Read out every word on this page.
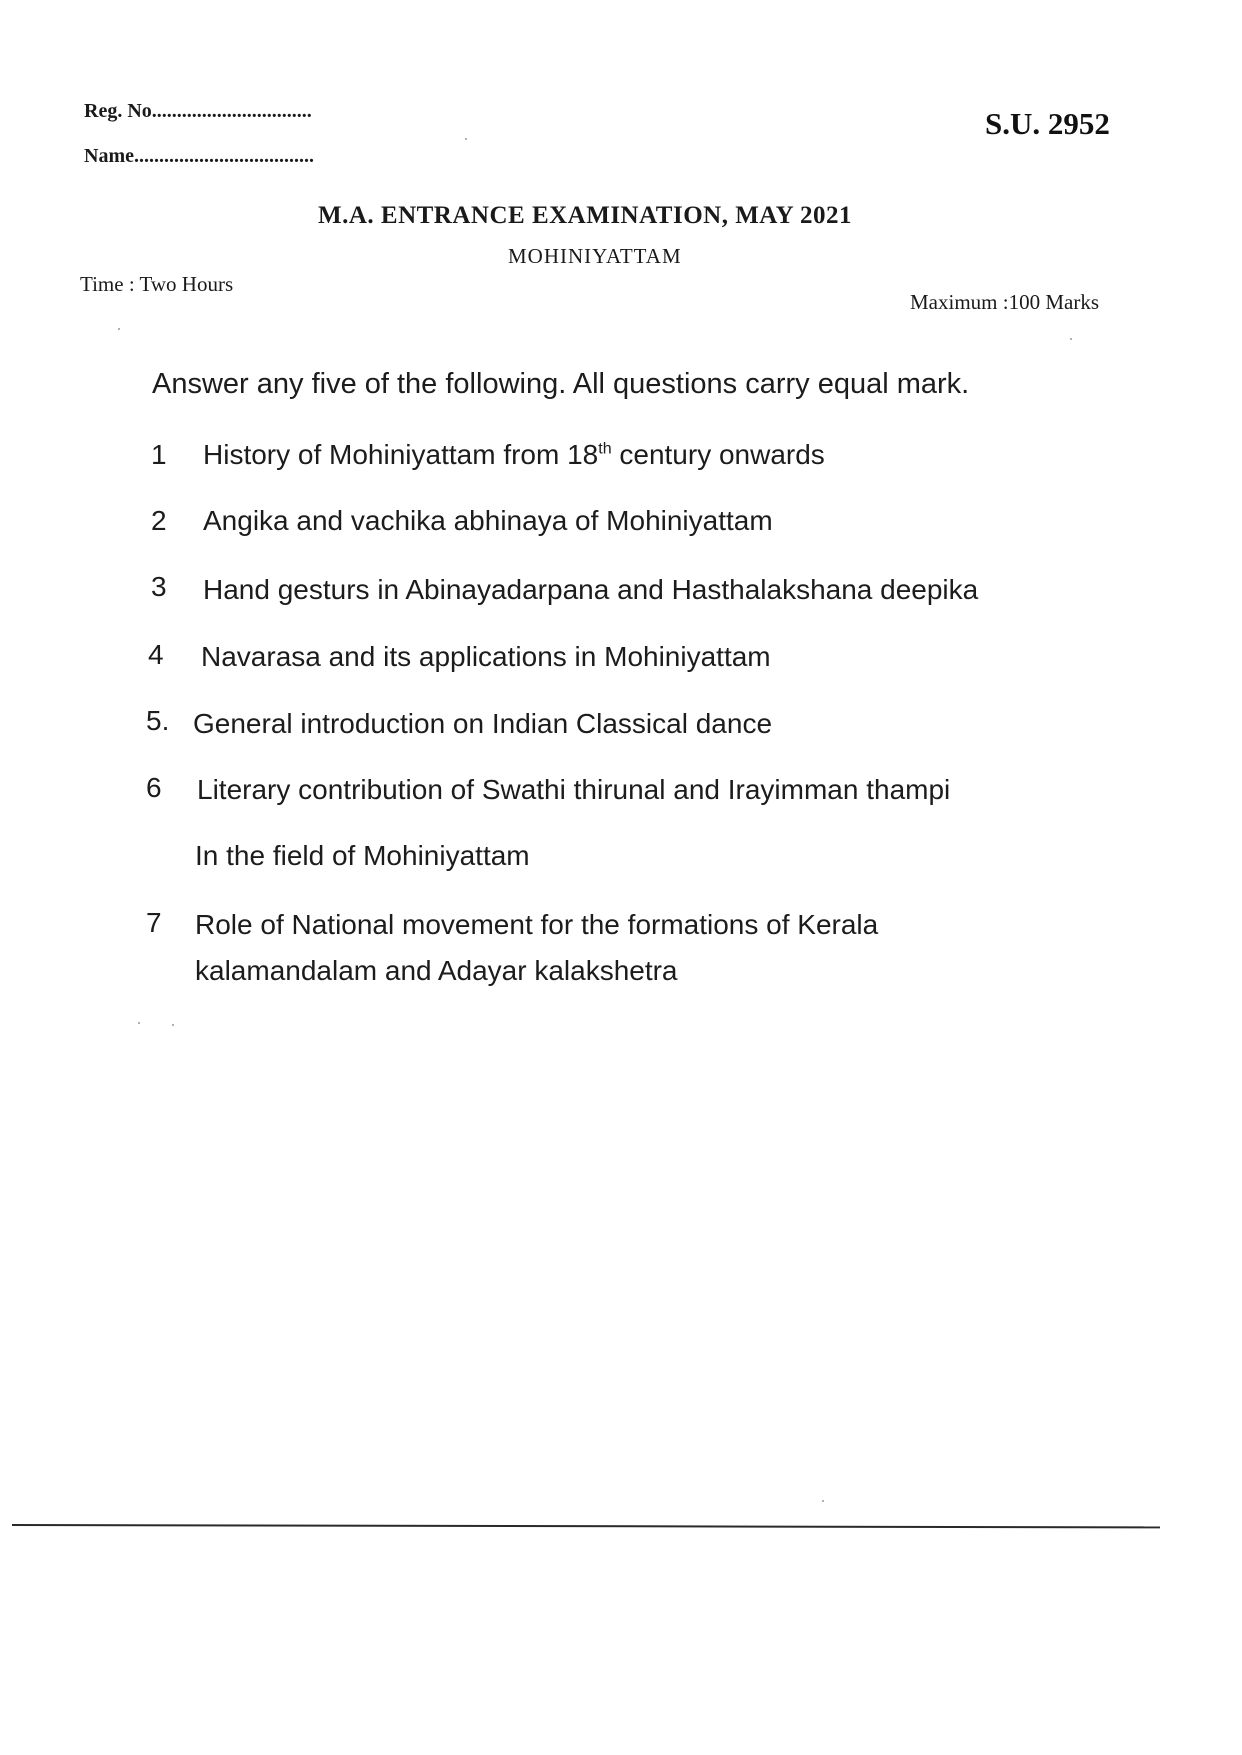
Reg. No................................
Name....................................
S.U. 2952
M.A. ENTRANCE EXAMINATION, MAY 2021
MOHINIYATTAM
Time : Two Hours
Maximum :100 Marks
Answer any five of the following. All questions carry equal mark.
1 History of Mohiniyattam from 18th century onwards
2 Angika and vachika abhinaya of Mohiniyattam
3 Hand gesturs in Abinayadarpana and Hasthalakshana deepika
4 Navarasa and its applications in Mohiniyattam
5. General introduction on Indian Classical dance
6 Literary contribution of Swathi thirunal and Irayimman thampi
In the field of Mohiniyattam
7 Role of National movement for the formations of Kerala
kalamandalam and Adayar kalakshetra
